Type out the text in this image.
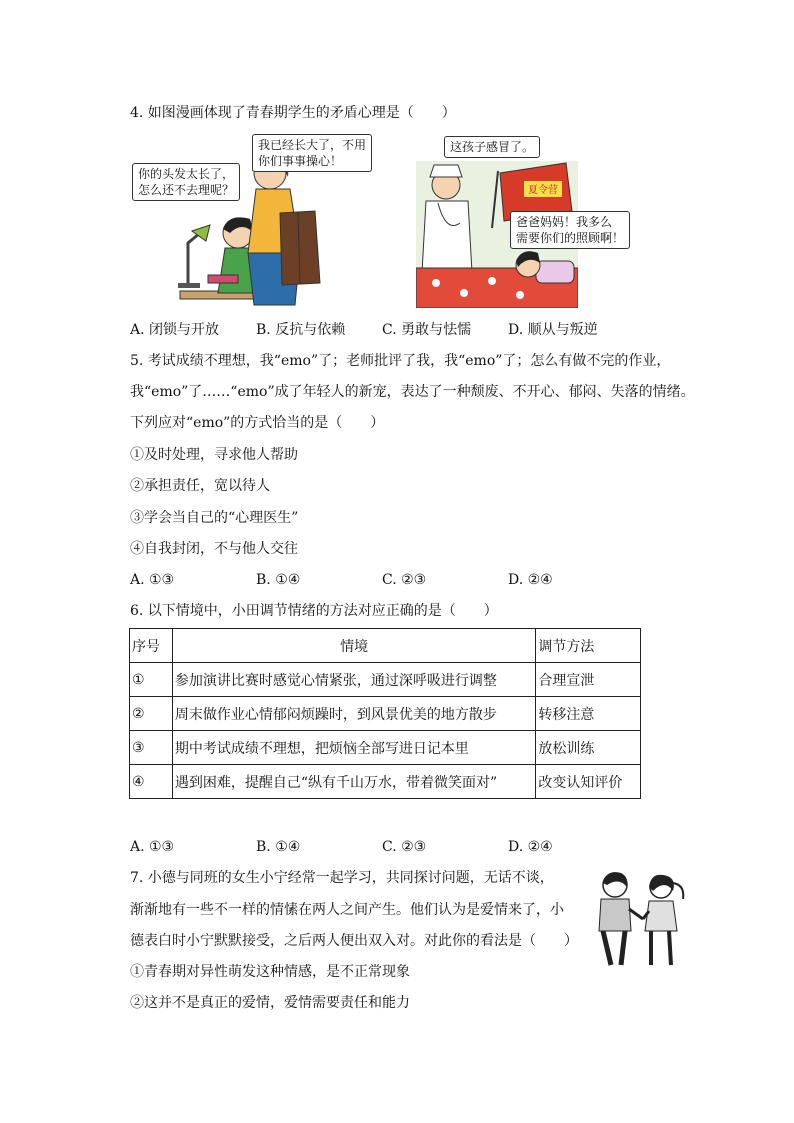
4. 如图漫画体现了青春期学生的矛盾心理是（　　）
你的头发太长了，
怎么还不去理呢？
我已经长大了，不用
你们事事操心！
夏令营
这孩子感冒了。
爸爸妈妈！我多么
需要你们的照顾啊！
A. 闭锁与开放	B. 反抗与依赖	C. 勇敢与怯懦	D. 顺从与叛逆
5. 考试成绩不理想，我“emo”了；老师批评了我，我“emo”了；怎么有做不完的作业，
我“emo”了……“emo”成了年轻人的新宠，表达了一种颓废、不开心、郁闷、失落的情绪。
下列应对“emo”的方式恰当的是（　　）
①及时处理，寻求他人帮助
②承担责任，宽以待人
③学会当自己的“心理医生”
④自我封闭，不与他人交往
A. ①③	B. ①④	C. ②③	D. ②④
6. 以下情境中，小田调节情绪的方法对应正确的是（　　）
序号	情境	调节方法
①	参加演讲比赛时感觉心情紧张，通过深呼吸进行调整	合理宣泄
②	周末做作业心情郁闷烦躁时，到风景优美的地方散步	转移注意
③	期中考试成绩不理想，把烦恼全部写进日记本里	放松训练
④	遇到困难，提醒自己“纵有千山万水，带着微笑面对”	改变认知评价
A. ①③	B. ①④	C. ②③	D. ②④
7. 小德与同班的女生小宁经常一起学习，共同探讨问题，无话不谈，
渐渐地有一些不一样的情愫在两人之间产生。他们认为是爱情来了，小
德表白时小宁默默接受，之后两人便出双入对。对此你的看法是（　　）
①青春期对异性萌发这种情感，是不正常现象
②这并不是真正的爱情，爱情需要责任和能力
